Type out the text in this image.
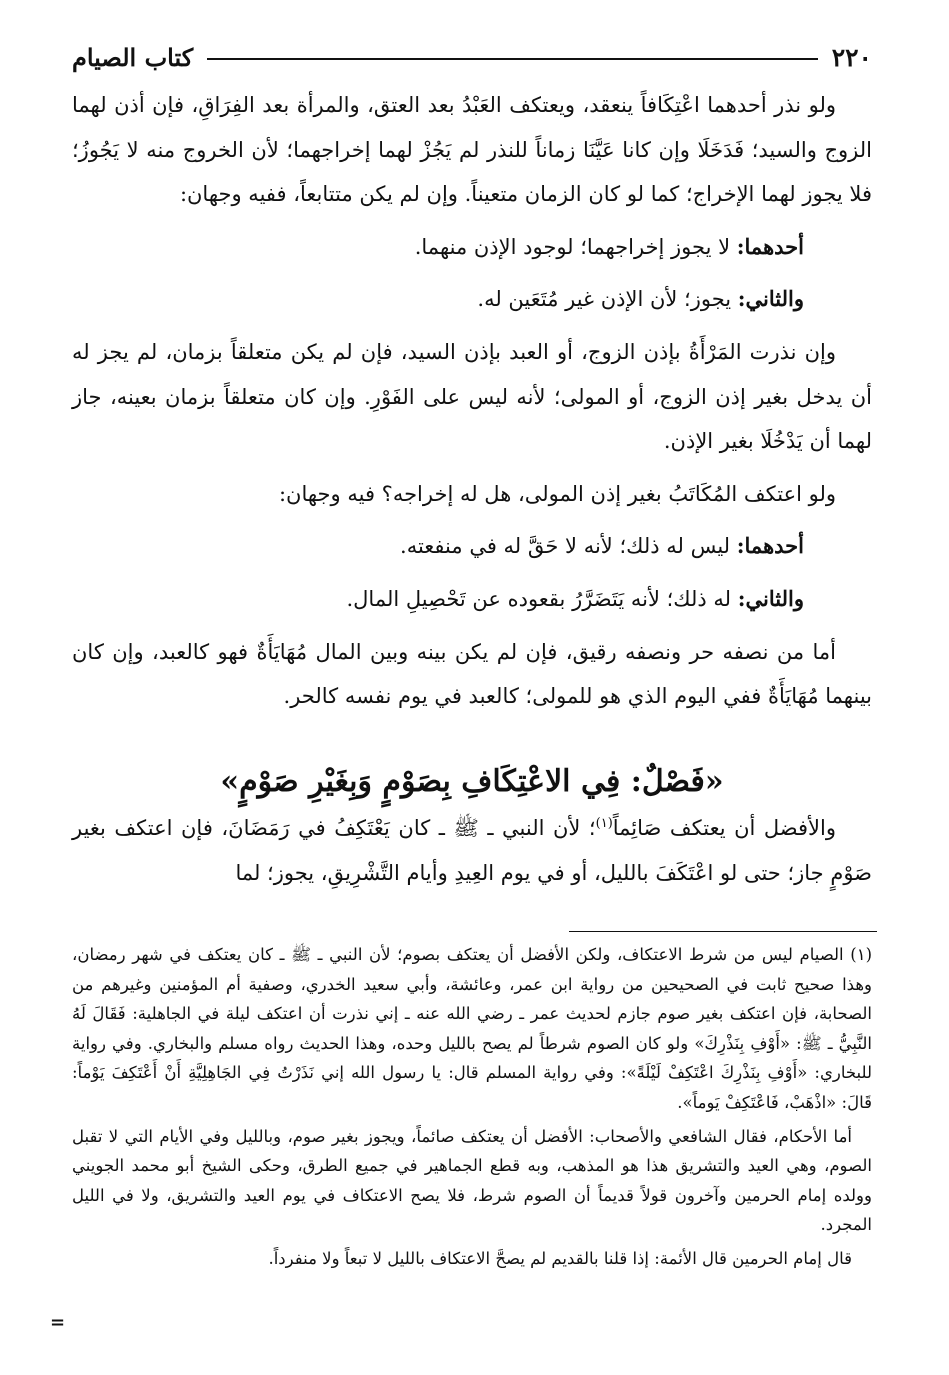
٢٢٠
كتاب الصيام

ولو نذر أحدهما اعْتِكَافاً ينعقد، ويعتكف العَبْدُ بعد العتق، والمرأة بعد الفِرَاقِ، فإن أذن لهما الزوج والسيد؛ فَدَخَلَا وإن كانا عَيَّنَا زماناً للنذر لم يَجُزْ لهما إخراجهما؛ لأن الخروج منه لا يَجُوزُ؛ فلا يجوز لهما الإخراج؛ كما لو كان الزمان متعيناً. وإن لم يكن متتابعاً، ففيه وجهان:

أحدهما: لا يجوز إخراجهما؛ لوجود الإذن منهما.

والثاني: يجوز؛ لأن الإذن غير مُتَعَين له.

وإن نذرت المَرْأَةُ بإذن الزوج، أو العبد بإذن السيد، فإن لم يكن متعلقاً بزمان، لم يجز له أن يدخل بغير إذن الزوج، أو المولى؛ لأنه ليس على الفَوْرِ. وإن كان متعلقاً بزمان بعينه، جاز لهما أن يَدْخُلَا بغير الإذن.

ولو اعتكف المُكَاتَبُ بغير إذن المولى، هل له إخراجه؟ فيه وجهان:

أحدهما: ليس له ذلك؛ لأنه لا حَقَّ له في منفعته.

والثاني: له ذلك؛ لأنه يَتَضَرَّرُ بقعوده عن تَحْصِيلِ المال.

أما من نصفه حر ونصفه رقيق، فإن لم يكن بينه وبين المال مُهَايَأَةٌ فهو كالعبد، وإن كان بينهما مُهَايَأَةٌ ففي اليوم الذي هو للمولى؛ كالعبد في يوم نفسه كالحر.

«فَصْلٌ: فِي الاعْتِكَافِ بِصَوْمٍ وَبِغَيْرِ صَوْمٍ»

والأفضل أن يعتكف صَائِماً$^{(١)}$؛ لأن النبي ـ ﷺ ـ كان يَعْتَكِفُ في رَمَضَانَ، فإن اعتكف بغير صَوْمٍ جاز؛ حتى لو اعْتَكَفَ بالليل، أو في يوم العِيدِ وأيام التَّشْرِيقِ، يجوز؛ لما

(١) الصيام ليس من شرط الاعتكاف، ولكن الأفضل أن يعتكف بصوم؛ لأن النبي ـ ﷺ ـ كان يعتكف في شهر رمضان، وهذا صحيح ثابت في الصحيحين من رواية ابن عمر، وعائشة، وأبي سعيد الخدري، وصفية أم المؤمنين وغيرهم من الصحابة، فإن اعتكف بغير صوم جازم لحديث عمر ـ رضي الله عنه ـ إني نذرت أن اعتكف ليلة في الجاهلية: فَقَالَ لَهُ النَّبِيُّ ـ ﷺ: «أَوْفِ بِنَذْرِكَ» ولو كان الصوم شرطاً لم يصح بالليل وحده، وهذا الحديث رواه مسلم والبخاري. وفي رواية للبخاري: «أَوْفِ بِنَذْرِكَ اعْتَكِفْ لَيْلَةً»: وفي رواية المسلم قال: يا رسول الله إني نَذَرْتُ فِي الجَاهِلِيَّةِ أَنْ أَعْتَكِفَ يَوْماً: قَالَ: «اذْهَبْ، فَاعْتَكِفْ يَوماً».

أما الأحكام، فقال الشافعي والأصحاب: الأفضل أن يعتكف صائماً، ويجوز بغير صوم، وبالليل وفي الأيام التي لا تقبل الصوم، وهي العيد والتشريق هذا هو المذهب، وبه قطع الجماهير في جميع الطرق، وحكى الشيخ أبو محمد الجويني وولده إمام الحرمين وآخرون قولاً قديماً أن الصوم شرط، فلا يصح الاعتكاف في يوم العيد والتشريق، ولا في الليل المجرد.

قال إمام الحرمين قال الأئمة: إذا قلنا بالقديم لم يصحَّ الاعتكاف بالليل لا تبعاً ولا منفرداً.

=
